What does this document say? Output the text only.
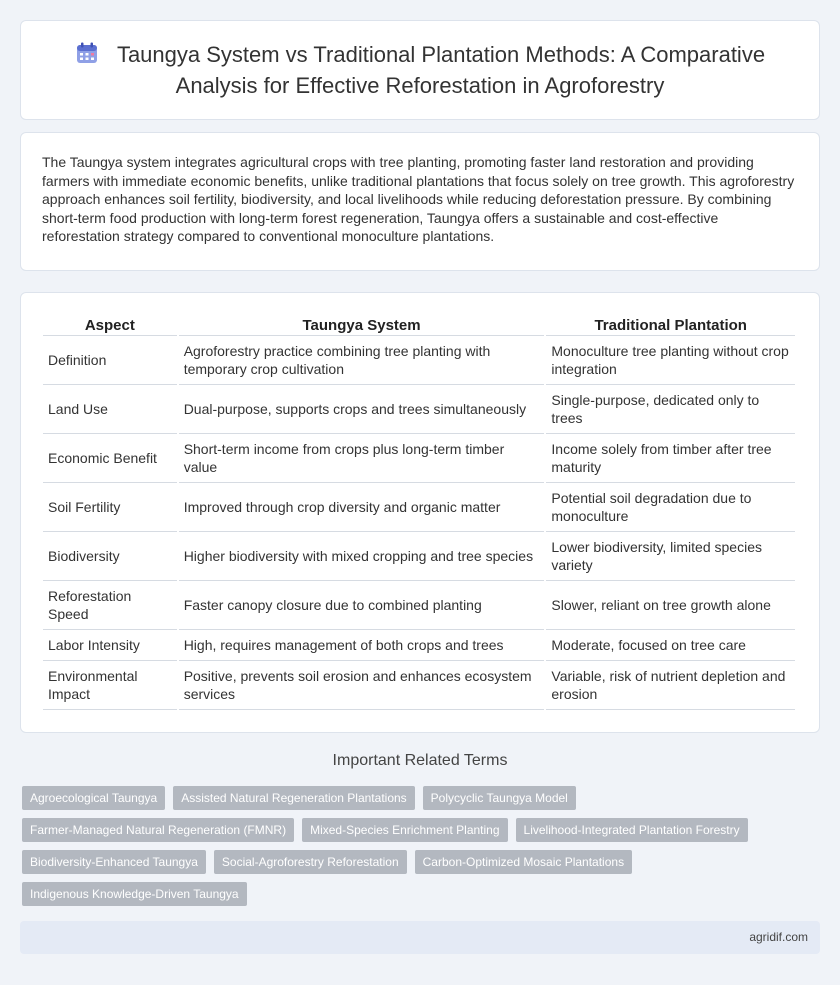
Taungya System vs Traditional Plantation Methods: A Comparative Analysis for Effective Reforestation in Agroforestry

The Taungya system integrates agricultural crops with tree planting, promoting faster land restoration and providing farmers with immediate economic benefits, unlike traditional plantations that focus solely on tree growth. This agroforestry approach enhances soil fertility, biodiversity, and local livelihoods while reducing deforestation pressure. By combining short-term food production with long-term forest regeneration, Taungya offers a sustainable and cost-effective reforestation strategy compared to conventional monoculture plantations.

Aspect	Taungya System	Traditional Plantation
Definition	Agroforestry practice combining tree planting with temporary crop cultivation	Monoculture tree planting without crop integration
Land Use	Dual-purpose, supports crops and trees simultaneously	Single-purpose, dedicated only to trees
Economic Benefit	Short-term income from crops plus long-term timber value	Income solely from timber after tree maturity
Soil Fertility	Improved through crop diversity and organic matter	Potential soil degradation due to monoculture
Biodiversity	Higher biodiversity with mixed cropping and tree species	Lower biodiversity, limited species variety
Reforestation Speed	Faster canopy closure due to combined planting	Slower, reliant on tree growth alone
Labor Intensity	High, requires management of both crops and trees	Moderate, focused on tree care
Environmental Impact	Positive, prevents soil erosion and enhances ecosystem services	Variable, risk of nutrient depletion and erosion
Important Related Terms
Agroecological Taungya	Assisted Natural Regeneration Plantations	Polycyclic Taungya Model
Farmer-Managed Natural Regeneration (FMNR)	Mixed-Species Enrichment Planting	Livelihood-Integrated Plantation Forestry
Biodiversity-Enhanced Taungya	Social-Agroforestry Reforestation	Carbon-Optimized Mosaic Plantations
Indigenous Knowledge-Driven Taungya
agridif.com
